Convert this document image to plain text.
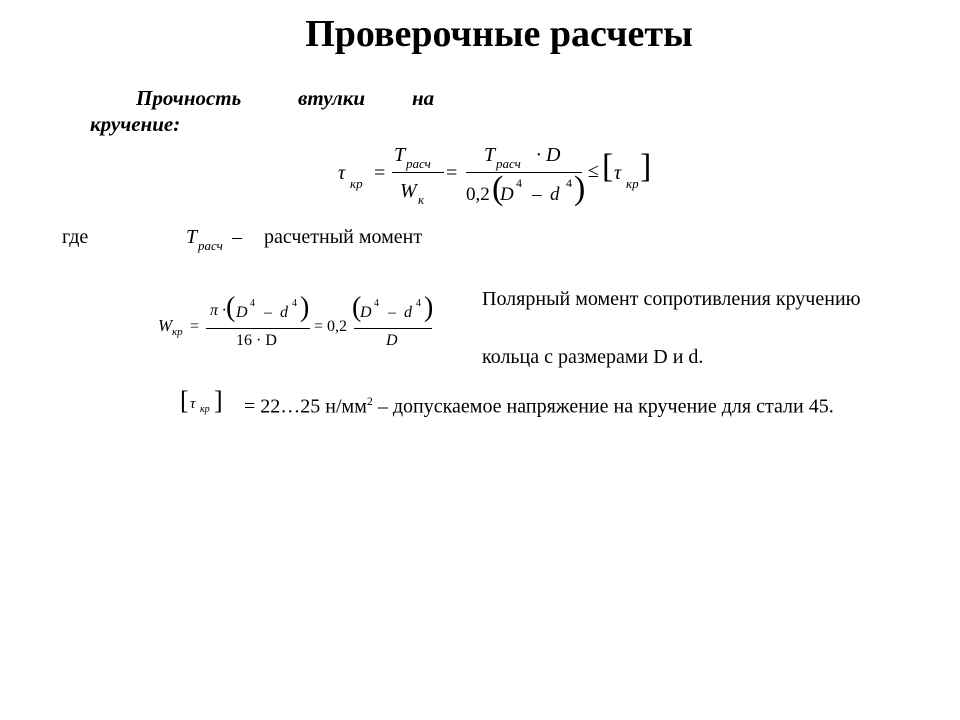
Проверочные расчеты
Прочность	втулки на
кручение:
τ кр =
T расч
W к
=
T расч · D
0,2 (
D
4
– d
4 ) ≤ [ τ кр ]
где	T расч – расчетный момент
W кр =
π · ( D
4
– d
4 )
16 · D
= 0,2
(
D
4
– d
4 )
D
Полярный момент сопротивления кручению
кольца с размерами D и d.
[ τ кр ] = 22…25 $н/мм^2$ – допускаемое напряжение на кручение для стали 45.
